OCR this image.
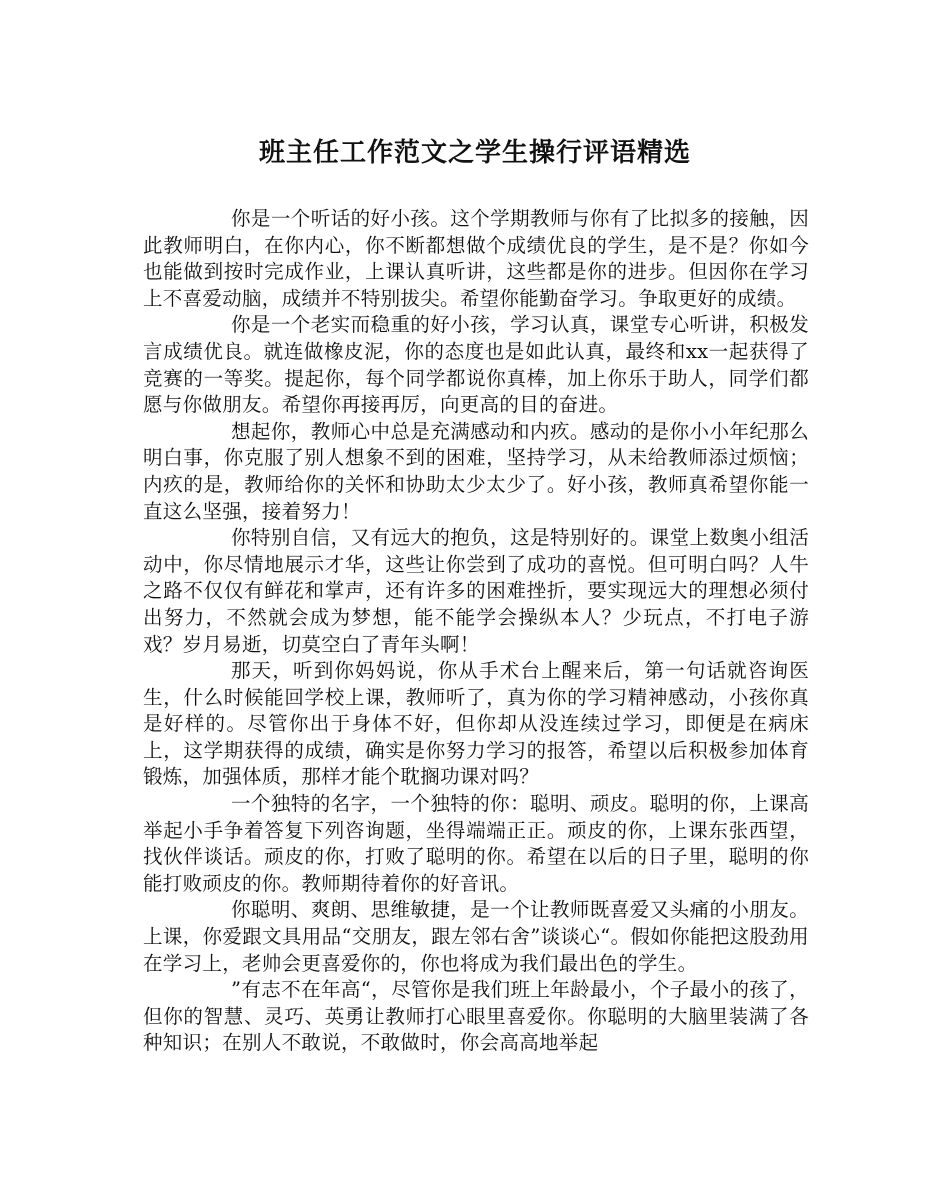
班主任工作范文之学生操行评语精选

你是一个听话的好小孩。这个学期教师与你有了比拟多的接触，因此教师明白，在你内心，你不断都想做个成绩优良的学生，是不是？你如今也能做到按时完成作业，上课认真听讲，这些都是你的进步。但因你在学习上不喜爱动脑，成绩并不特别拔尖。希望你能勤奋学习。争取更好的成绩。

你是一个老实而稳重的好小孩，学习认真，课堂专心听讲，积极发言成绩优良。就连做橡皮泥，你的态度也是如此认真，最终和xx一起获得了竞赛的一等奖。提起你，每个同学都说你真棒，加上你乐于助人，同学们都愿与你做朋友。希望你再接再厉，向更高的目的奋进。

想起你，教师心中总是充满感动和内疚。感动的是你小小年纪那么明白事，你克服了别人想象不到的困难，坚持学习，从未给教师添过烦恼；内疚的是，教师给你的关怀和协助太少太少了。好小孩，教师真希望你能一直这么坚强，接着努力！

你特别自信，又有远大的抱负，这是特别好的。课堂上数奥小组活动中，你尽情地展示才华，这些让你尝到了成功的喜悦。但可明白吗？人牛之路不仅仅有鲜花和掌声，还有许多的困难挫折，要实现远大的理想必须付出努力，不然就会成为梦想，能不能学会操纵本人？少玩点，不打电子游戏？岁月易逝，切莫空白了青年头啊！

那天，听到你妈妈说，你从手术台上醒来后，第一句话就咨询医生，什么时候能回学校上课，教师听了，真为你的学习精神感动，小孩你真是好样的。尽管你出于身体不好，但你却从没连续过学习，即便是在病床上，这学期获得的成绩，确实是你努力学习的报答，希望以后积极参加体育锻炼，加强体质，那样才能个耽搁功课对吗？

一个独特的名字，一个独特的你：聪明、顽皮。聪明的你，上课高举起小手争着答复下列咨询题，坐得端端正正。顽皮的你，上课东张西望，找伙伴谈话。顽皮的你，打败了聪明的你。希望在以后的日子里，聪明的你能打败顽皮的你。教师期待着你的好音讯。

你聪明、爽朗、思维敏捷，是一个让教师既喜爱又头痛的小朋友。上课，你爱跟文具用品“交朋友，跟左邻右舍”谈谈心“。假如你能把这股劲用在学习上，老帅会更喜爱你的，你也将成为我们最出色的学生。

”有志不在年高“，尽管你是我们班上年龄最小，个子最小的孩了，但你的智慧、灵巧、英勇让教师打心眼里喜爱你。你聪明的大脑里装满了各种知识；在别人不敢说，不敢做时，你会高高地举起
